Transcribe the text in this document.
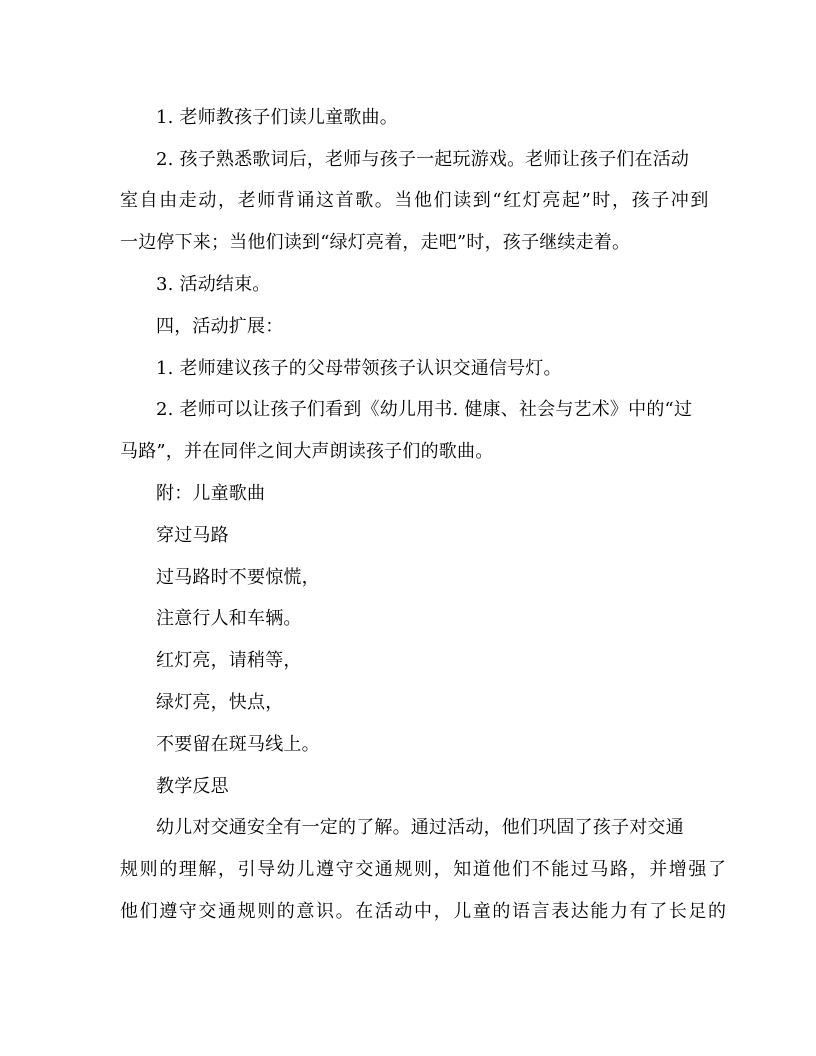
1. 老师教孩子们读儿童歌曲。
2. 孩子熟悉歌词后，老师与孩子一起玩游戏。老师让孩子们在活动
室自由走动，老师背诵这首歌。当他们读到“红灯亮起”时，孩子冲到
一边停下来；当他们读到“绿灯亮着，走吧”时，孩子继续走着。
3. 活动结束。
四，活动扩展：
1. 老师建议孩子的父母带领孩子认识交通信号灯。
2. 老师可以让孩子们看到《幼儿用书. 健康、社会与艺术》中的“过
马路”，并在同伴之间大声朗读孩子们的歌曲。
附：儿童歌曲
穿过马路
过马路时不要惊慌，
注意行人和车辆。
红灯亮，请稍等，
绿灯亮，快点，
不要留在斑马线上。
教学反思
幼儿对交通安全有一定的了解。通过活动，他们巩固了孩子对交通
规则的理解，引导幼儿遵守交通规则，知道他们不能过马路，并增强了
他们遵守交通规则的意识。在活动中，儿童的语言表达能力有了长足的
